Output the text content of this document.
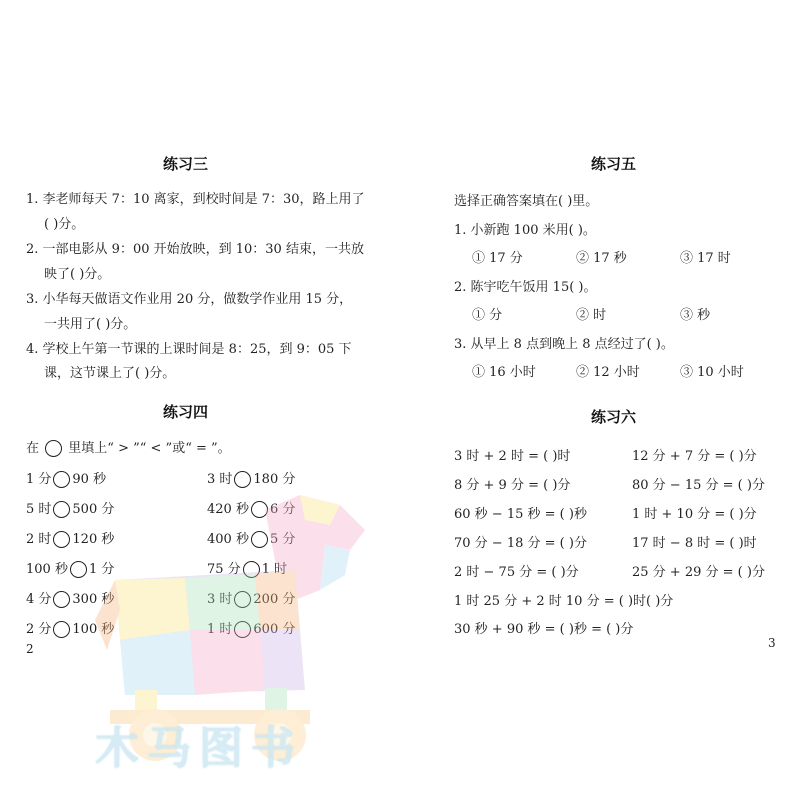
练习三
1. 李老师每天 7：10 离家，到校时间是 7：30，路上用了
( )分。
2. 一部电影从 9：00 开始放映，到 10：30 结束，一共放
映了( )分。
3. 小华每天做语文作业用 20 分，做数学作业用 15 分，
一共用了( )分。
4. 学校上午第一节课的上课时间是 8：25，到 9：05 下
课，这节课上了( )分。
练习四
在 里填上“ > ”“ < ”或“ = ”。
1 分 90 秒	3 时 180 分
5 时 500 分	420 秒 6 分
2 时 120 秒	400 秒 5 分
100 秒 1 分	75 分 1 时
4 分 300 秒	3 时 200 分
2 分 100 秒	1 时 600 分
2
练习五
选择正确答案填在( )里。
1. 小新跑 100 米用( )。
① 17 分	② 17 秒	③ 17 时
2. 陈宇吃午饭用 15( )。
① 分	② 时	③ 秒
3. 从早上 8 点到晚上 8 点经过了( )。
① 16 小时	② 12 小时	③ 10 小时
练习六
3 时 + 2 时 = ( )时	12 分 + 7 分 = ( )分
8 分 + 9 分 = ( )分	80 分 − 15 分 = ( )分
60 秒 − 15 秒 = ( )秒	1 时 + 10 分 = ( )分
70 分 − 18 分 = ( )分	17 时 − 8 时 = ( )时
2 时 − 75 分 = ( )分	25 分 + 29 分 = ( )分
1 时 25 分 + 2 时 10 分 = ( )时( )分
30 秒 + 90 秒 = ( )秒 = ( )分
3
木马图书
